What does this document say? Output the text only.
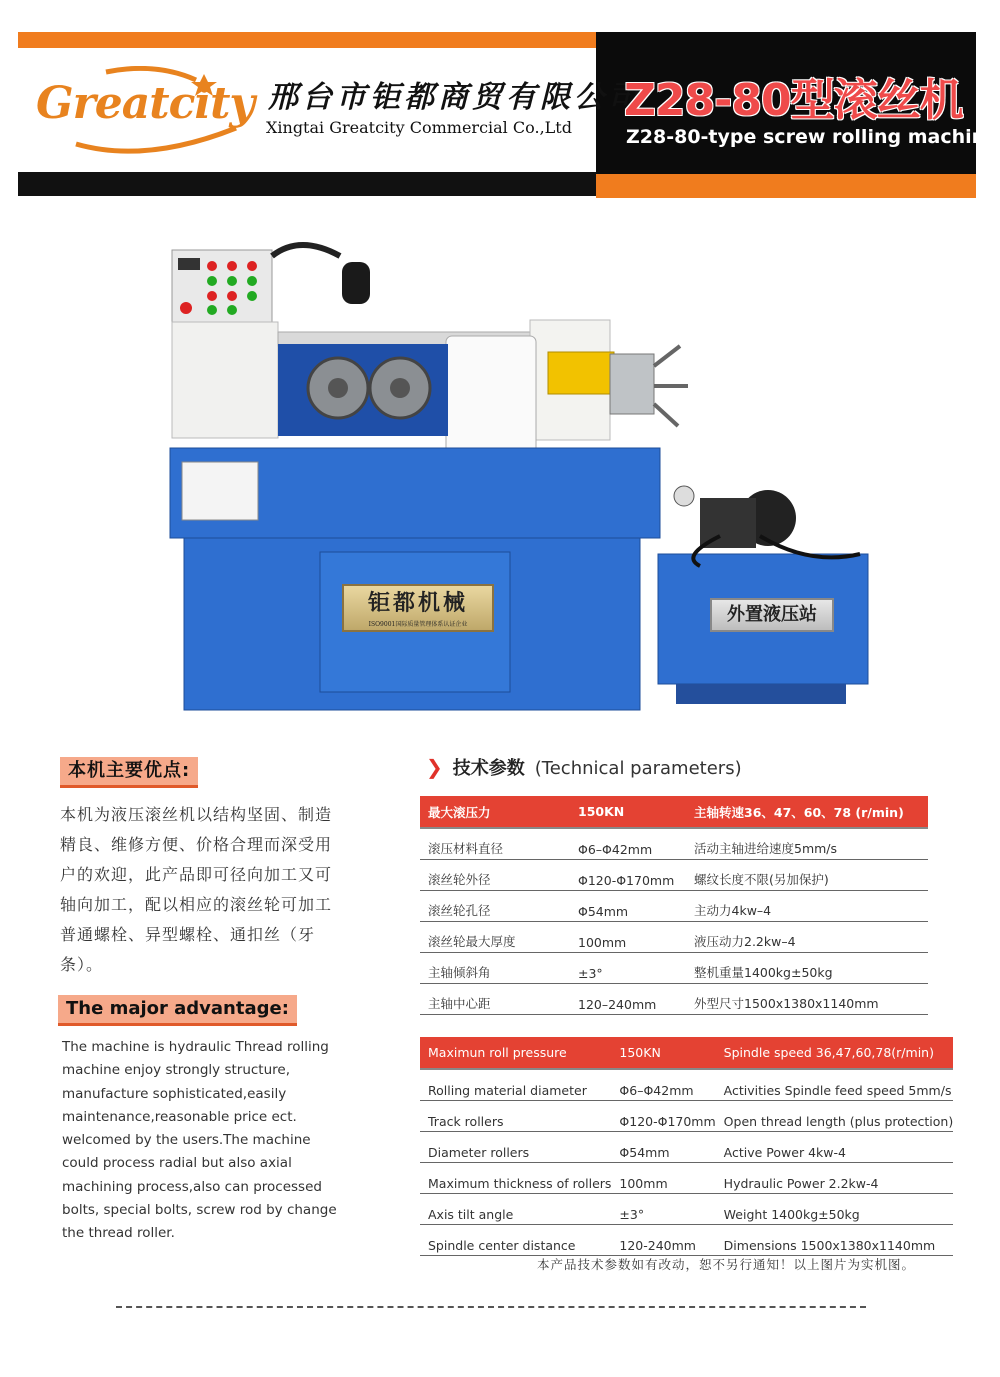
Greatcity 邢台市钜都商贸有限公司
Xingtai Greatcity Commercial Co.,Ltd
Z28-80型滚丝机
Z28-80-type screw rolling machine
钜都机械
ISO9001国际质量管理体系认证企业	外置液压站
本机主要优点:
本机为液压滚丝机以结构坚固、制造精良、维修方便、价格合理而深受用户的欢迎，此产品即可径向加工又可轴向加工，配以相应的滚丝轮可加工普通螺栓、异型螺栓、通扣丝（牙条）。
The major advantage:
The machine is hydraulic Thread rolling machine enjoy strongly structure, manufacture sophisticated,easily maintenance,reasonable price ect. welcomed by the users.The machine could process radial but also axial machining process,also can processed bolts, special bolts, screw rod by change the thread roller.
❯ 技术参数 (Technical parameters)
最大滚压力	150KN	主轴转速36、47、60、78 (r/min)
滚压材料直径	Φ6–Φ42mm	活动主轴进给速度5mm/s
滚丝轮外径	Φ120-Φ170mm	螺纹长度不限(另加保护)
滚丝轮孔径	Φ54mm	主动力4kw–4
滚丝轮最大厚度	100mm	液压动力2.2kw–4
主轴倾斜角	±3°	整机重量1400kg±50kg
主轴中心距	120–240mm	外型尺寸1500x1380x1140mm
Maximun roll pressure	150KN	Spindle speed 36,47,60,78(r/min)
Rolling material diameter	Φ6–Φ42mm	Activities Spindle feed speed 5mm/s
Track rollers	Φ120-Φ170mm	Open thread length (plus protection)
Diameter rollers	Φ54mm	Active Power 4kw-4
Maximum thickness of rollers	100mm	Hydraulic Power 2.2kw-4
Axis tilt angle	±3°	Weight 1400kg±50kg
Spindle center distance	120-240mm	Dimensions 1500x1380x1140mm
本产品技术参数如有改动，恕不另行通知！以上图片为实机图。
